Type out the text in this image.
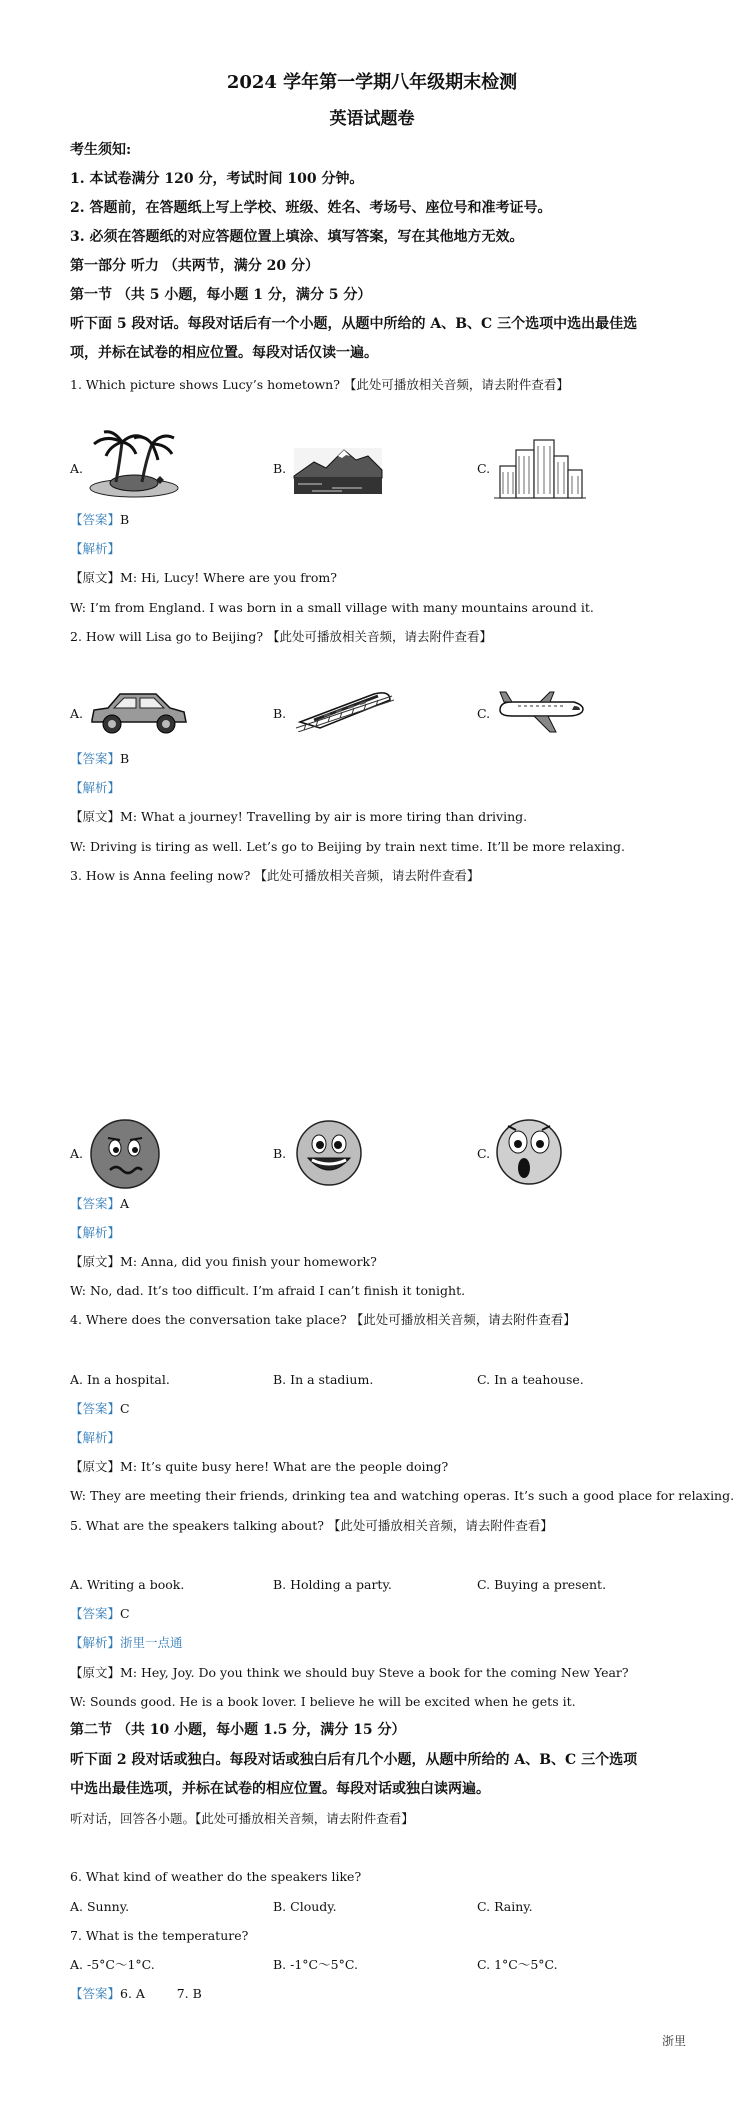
2024 学年第一学期八年级期末检测
英语试题卷
考生须知:
1. 本试卷满分 120 分，考试时间 100 分钟。
2. 答题前，在答题纸上写上学校、班级、姓名、考场号、座位号和准考证号。
3. 必须在答题纸的对应答题位置上填涂、填写答案，写在其他地方无效。
第一部分 听力 （共两节，满分 20 分）
第一节 （共 5 小题，每小题 1 分，满分 5 分）
听下面 5 段对话。每段对话后有一个小题，从题中所给的 A、B、C 三个选项中选出最佳选
项，并标在试卷的相应位置。每段对话仅读一遍。
1. Which picture shows Lucy’s hometown? 【此处可播放相关音频，请去附件查看】
A.	B.	C.
【答案】B
【解析】
【原文】M: Hi, Lucy! Where are you from?
W: I’m from England. I was born in a small village with many mountains around it.
2. How will Lisa go to Beijing? 【此处可播放相关音频，请去附件查看】
A.	B.	C.
【答案】B
【解析】
【原文】M: What a journey! Travelling by air is more tiring than driving.
W: Driving is tiring as well. Let’s go to Beijing by train next time. It’ll be more relaxing.
3. How is Anna feeling now? 【此处可播放相关音频，请去附件查看】
A.	B.	C.
【答案】A
【解析】
【原文】M: Anna, did you finish your homework?
W: No, dad. It’s too difficult. I’m afraid I can’t finish it tonight.
4. Where does the conversation take place? 【此处可播放相关音频，请去附件查看】
A. In a hospital.	B. In a stadium.	C. In a teahouse.
【答案】C
【解析】
【原文】M: It’s quite busy here! What are the people doing?
W: They are meeting their friends, drinking tea and watching operas. It’s such a good place for relaxing.
5. What are the speakers talking about? 【此处可播放相关音频，请去附件查看】
A. Writing a book.	B. Holding a party.	C. Buying a present.
【答案】C
【解析】浙里一点通
【原文】M: Hey, Joy. Do you think we should buy Steve a book for the coming New Year?
W: Sounds good. He is a book lover. I believe he will be excited when he gets it.
第二节 （共 10 小题，每小题 1.5 分，满分 15 分）
听下面 2 段对话或独白。每段对话或独白后有几个小题，从题中所给的 A、B、C 三个选项
中选出最佳选项，并标在试卷的相应位置。每段对话或独白读两遍。
听对话，回答各小题。【此处可播放相关音频，请去附件查看】
6. What kind of weather do the speakers like?
A. Sunny.	B. Cloudy.	C. Rainy.
7. What is the temperature?
A. -5°C～1°C.	B. -1°C～5°C.	C. 1°C～5°C.
【答案】6. A        7. B
浙里
